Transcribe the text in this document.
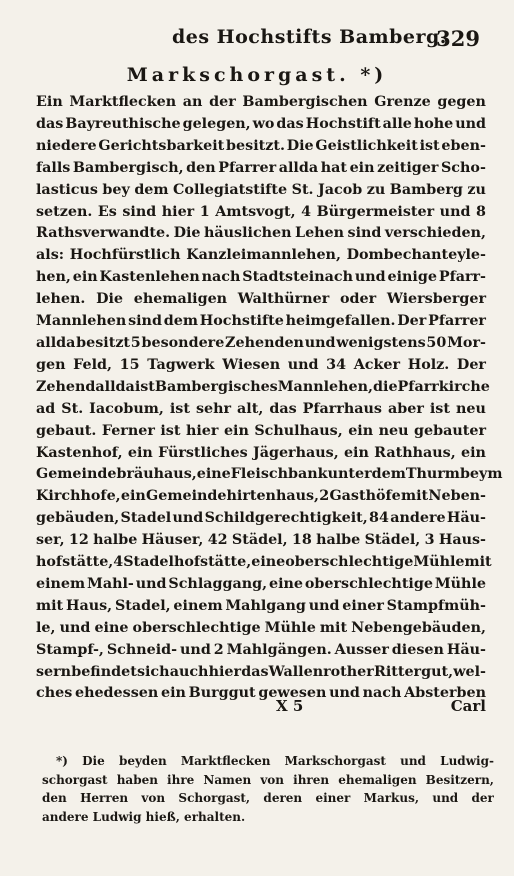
des Hochstifts Bamberg.
329
Markschorgast. *)
Ein Marktflecken an der Bambergischen Grenze gegen
das Bayreuthische gelegen, wo das Hochstift alle hohe und
niedere Gerichtsbarkeit besitzt. Die Geistlichkeit ist eben-
falls Bambergisch, den Pfarrer allda hat ein zeitiger Scho-
lasticus bey dem Collegiatstifte St. Jacob zu Bamberg zu
setzen. Es sind hier 1 Amtsvogt, 4 Bürgermeister und 8
Rathsverwandte. Die häuslichen Lehen sind verschieden,
als: Hochfürstlich Kanzleimannlehen, Dombechanteyle-
hen, ein Kastenlehen nach Stadtsteinach und einige Pfarr-
lehen. Die ehemaligen Walthürner oder Wiersberger
Mannlehen sind dem Hochstifte heimgefallen. Der Pfarrer
allda besitzt 5 besondere Zehenden und wenigstens 50 Mor-
gen Feld, 15 Tagwerk Wiesen und 34 Acker Holz. Der
Zehend allda ist Bambergisches Mannlehen, die Pfarrkirche
ad St. Iacobum, ist sehr alt, das Pfarrhaus aber ist neu
gebaut. Ferner ist hier ein Schulhaus, ein neu gebauter
Kastenhof, ein Fürstliches Jägerhaus, ein Rathhaus, ein
Gemeindebräuhaus, eine Fleischbank unter dem Thurm beym
Kirchhofe, ein Gemeindehirtenhaus, 2 Gasthöfe mit Neben-
gebäuden, Stadel und Schildgerechtigkeit, 84 andere Häu-
ser, 12 halbe Häuser, 42 Städel, 18 halbe Städel, 3 Haus-
hofstätte, 4 Stadelhofstätte, eine oberschlechtige Mühle mit
einem Mahl- und Schlaggang, eine oberschlechtige Mühle
mit Haus, Stadel, einem Mahlgang und einer Stampfmüh-
le, und eine oberschlechtige Mühle mit Nebengebäuden,
Stampf-, Schneid- und 2 Mahlgängen. Ausser diesen Häu-
sern befindet sich auch hier das Wallenrother Rittergut, wel-
ches ehedessen ein Burggut gewesen und nach Absterben
X 5	Carl
*) Die beyden Marktflecken Markschorgast und Ludwig-
schorgast haben ihre Namen von ihren ehemaligen Besitzern,
den Herren von Schorgast, deren einer Markus, und der
andere Ludwig hieß, erhalten.
